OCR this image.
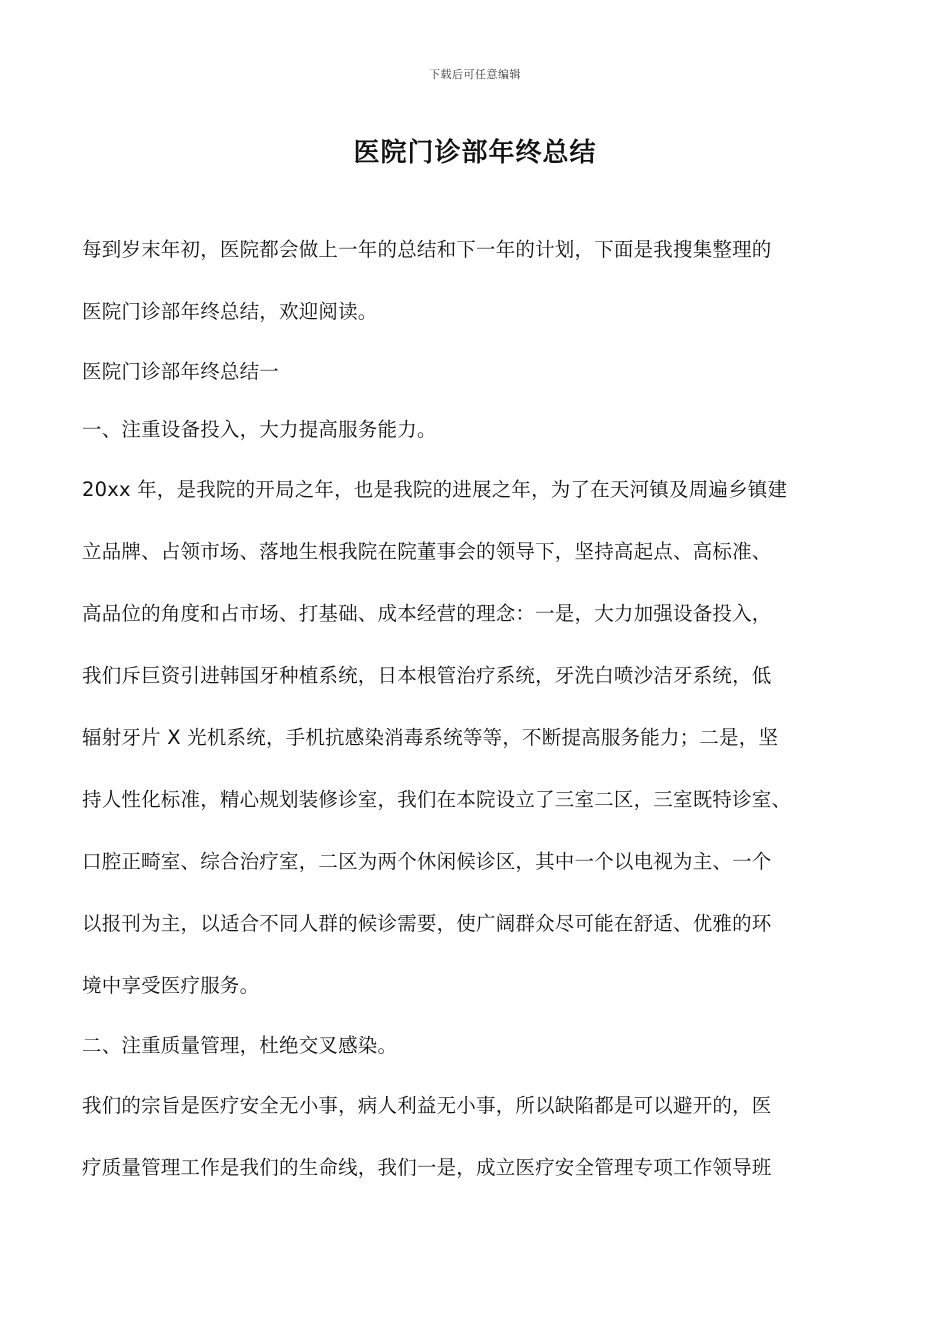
下载后可任意编辑
医院门诊部年终总结

每到岁末年初，医院都会做上一年的总结和下一年的计划，下面是我搜集整理的

医院门诊部年终总结，欢迎阅读。

医院门诊部年终总结一

一、注重设备投入，大力提高服务能力。

20xx 年，是我院的开局之年，也是我院的进展之年，为了在天河镇及周遍乡镇建

立品牌、占领市场、落地生根我院在院董事会的领导下，坚持高起点、高标准、

高品位的角度和占市场、打基础、成本经营的理念：一是，大力加强设备投入，

我们斥巨资引进韩国牙种植系统，日本根管治疗系统，牙洗白喷沙洁牙系统，低

辐射牙片 X 光机系统，手机抗感染消毒系统等等，不断提高服务能力；二是，坚

持人性化标准，精心规划装修诊室，我们在本院设立了三室二区，三室既特诊室、

口腔正畸室、综合治疗室，二区为两个休闲候诊区，其中一个以电视为主、一个

以报刊为主，以适合不同人群的候诊需要，使广阔群众尽可能在舒适、优雅的环

境中享受医疗服务。

二、注重质量管理，杜绝交叉感染。

我们的宗旨是医疗安全无小事，病人利益无小事，所以缺陷都是可以避开的，医

疗质量管理工作是我们的生命线，我们一是，成立医疗安全管理专项工作领导班
